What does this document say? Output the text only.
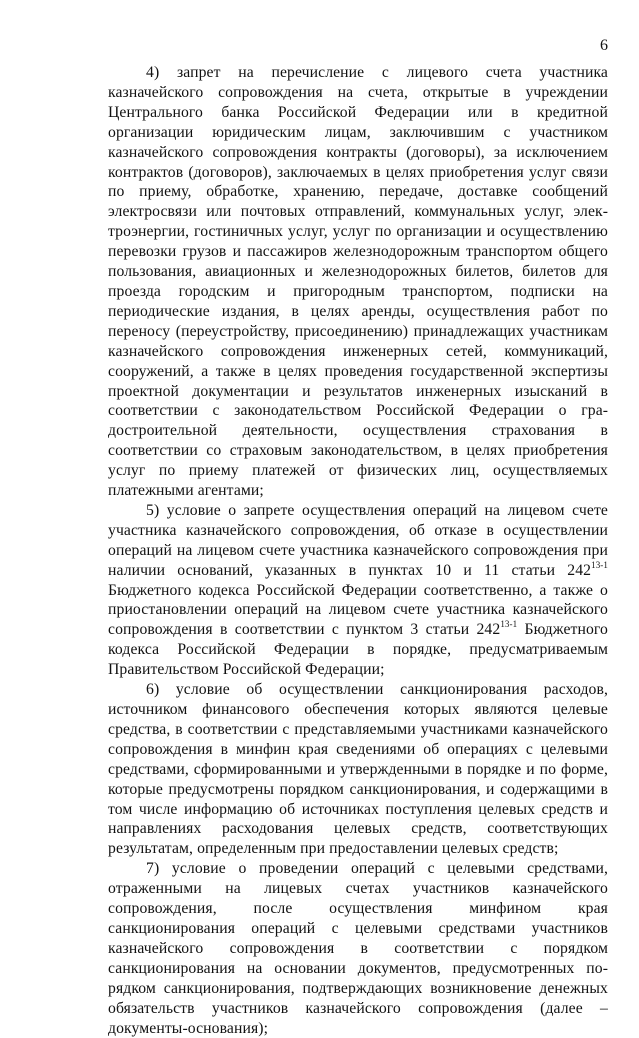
6

4) запрет на перечисление с лицевого счета участника казначейского сопровождения на счета, открытые в учреждении Центрального банка Российской Федерации или в кредитной организации юридическим лицам, заключившим с участником казначейского сопровождения контракты (договоры), за исключением контрактов (договоров), заключаемых в целях приобретения услуг связи по приему, обработке, хранению, передаче, доставке сообщений электросвязи или почтовых отправлений, коммунальных услуг, электроэнергии, гостиничных услуг, услуг по организации и осуществлению перевозки грузов и пассажиров железнодорожным транспортом общего пользования, авиационных и железнодорожных билетов, билетов для проезда городским и пригородным транспортом, подписки на периодические издания, в целях аренды, осуществления работ по переносу (переустройству, присоединению) принадлежащих участникам казначейского сопровождения инженерных сетей, коммуникаций, сооружений, а также в целях проведения государственной экспертизы проектной документации и результатов инженерных изысканий в соответствии с законодательством Российской Федерации о градостроительной деятельности, осуществления страхования в соответствии со страховым законодательством, в целях приобретения услуг по приему платежей от физических лиц, осуществляемых платежными агентами;

5) условие о запрете осуществления операций на лицевом счете участника казначейского сопровождения, об отказе в осуществлении операций на лицевом счете участника казначейского сопровождения при наличии оснований, указанных в пунктах 10 и 11 статьи 242$^{13-1}$ Бюджетного кодекса Российской Федерации соответственно, а также о приостановлении операций на лицевом счете участника казначейского сопровождения в соответствии с пунктом 3 статьи 242$^{13-1}$ Бюджетного кодекса Российской Федерации в порядке, предусматриваемым Правительством Российской Федерации;

6) условие об осуществлении санкционирования расходов, источником финансового обеспечения которых являются целевые средства, в соответствии с представляемыми участниками казначейского сопровождения в минфин края сведениями об операциях с целевыми средствами, сформированными и утвержденными в порядке и по форме, которые предусмотрены порядком санкционирования, и содержащими в том числе информацию об источниках поступления целевых средств и направлениях расходования целевых средств, соответствующих результатам, определенным при предоставлении целевых средств;

7) условие о проведении операций с целевыми средствами, отраженными на лицевых счетах участников казначейского сопровождения, после осуществления минфином края санкционирования операций с целевыми средствами участников казначейского сопровождения в соответствии с порядком санкционирования на основании документов, предусмотренных порядком санкционирования, подтверждающих возникновение денежных обязательств участников казначейского сопровождения (далее – документы-основания);
